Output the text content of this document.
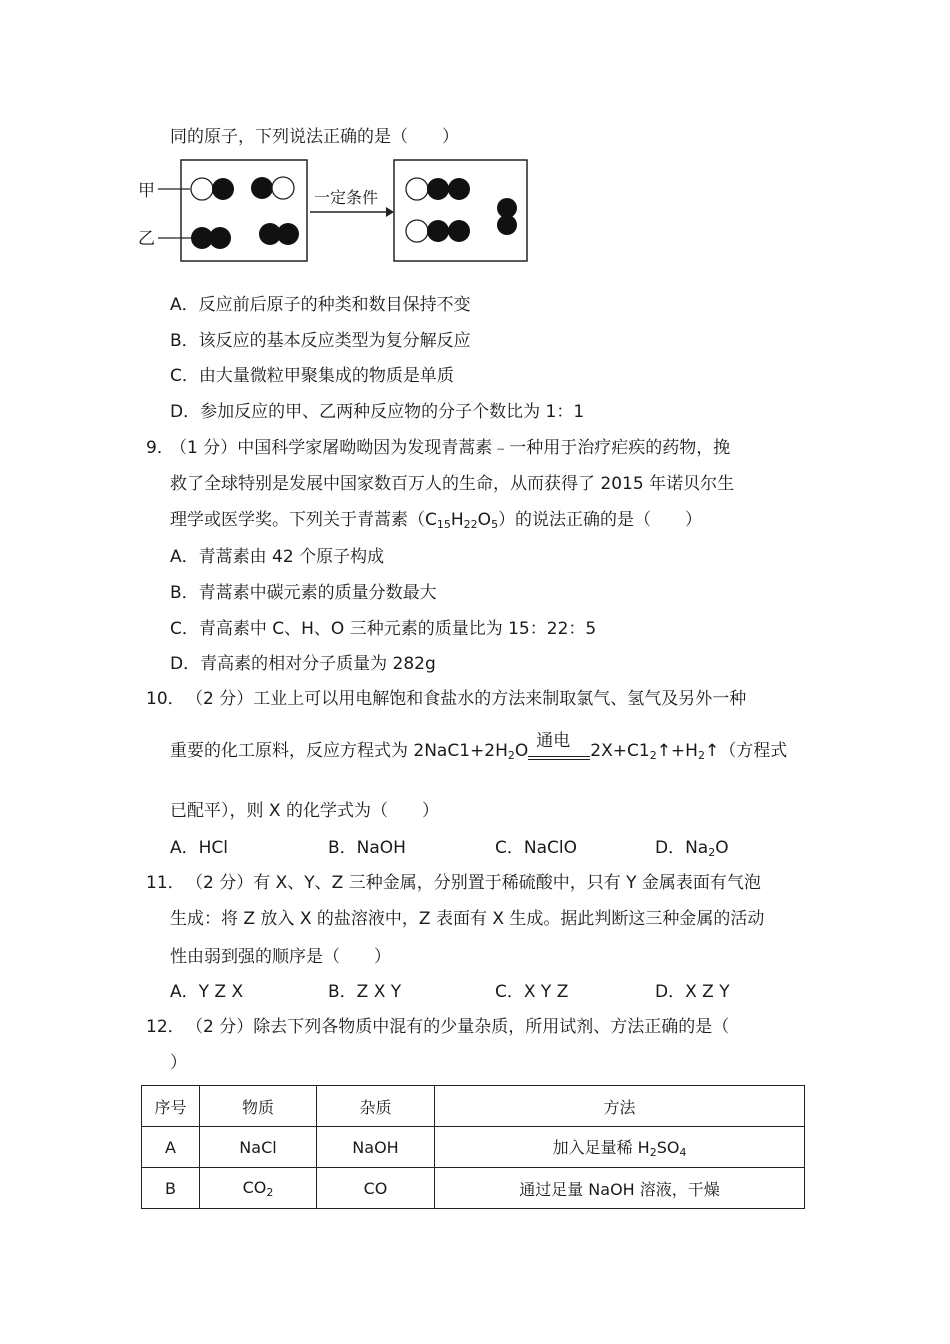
同的原子，下列说法正确的是（　　）
甲
乙
一定条件
A．反应前后原子的种类和数目保持不变
B．该反应的基本反应类型为复分解反应
C．由大量微粒甲聚集成的物质是单质
D．参加反应的甲、乙两种反应物的分子个数比为 1：1
9．
（1 分）中国科学家屠呦呦因为发现青蒿素﹣一种用于治疗疟疾的药物，挽
救了全球特别是发展中国家数百万人的生命，从而获得了 2015 年诺贝尔生
理学或医学奖。下列关于青蒿素$(C_{15}H_{22}O_5)$的说法正确的是（　　）
A．青蒿素由 42 个原子构成
B．青蒿素中碳元素的质量分数最大
C．青高素中 C、H、O 三种元素的质量比为 15：22：5
D．青高素的相对分子质量为 282g
10． （2 分）工业上可以用电解饱和食盐水的方法来制取氯气、氢气及另外一种
重要的化工原料，反应方程式为 $2NaC1+2H_2O$ 通电 $2X+C1_2↑+H_2↑$（方程式
已配平），则 X 的化学式为（　　）
A．HCl	B．NaOH	C．NaClO	D．$Na_2O$
11． （2 分）有 X、Y、Z 三种金属，分别置于稀硫酸中，只有 Y 金属表面有气泡
生成：将 Z 放入 X 的盐溶液中，Z 表面有 X 生成。据此判断这三种金属的活动
性由弱到强的顺序是（　　）
A．Y Z X	B．Z X Y	C．X Y Z	D．X Z Y
12． （2 分）除去下列各物质中混有的少量杂质，所用试剂、方法正确的是（
）
序号	物质	杂质	方法
A	NaCl	NaOH	加入足量稀 $H_2SO_4$
B	$CO_2$	CO	通过足量 NaOH 溶液，干燥
